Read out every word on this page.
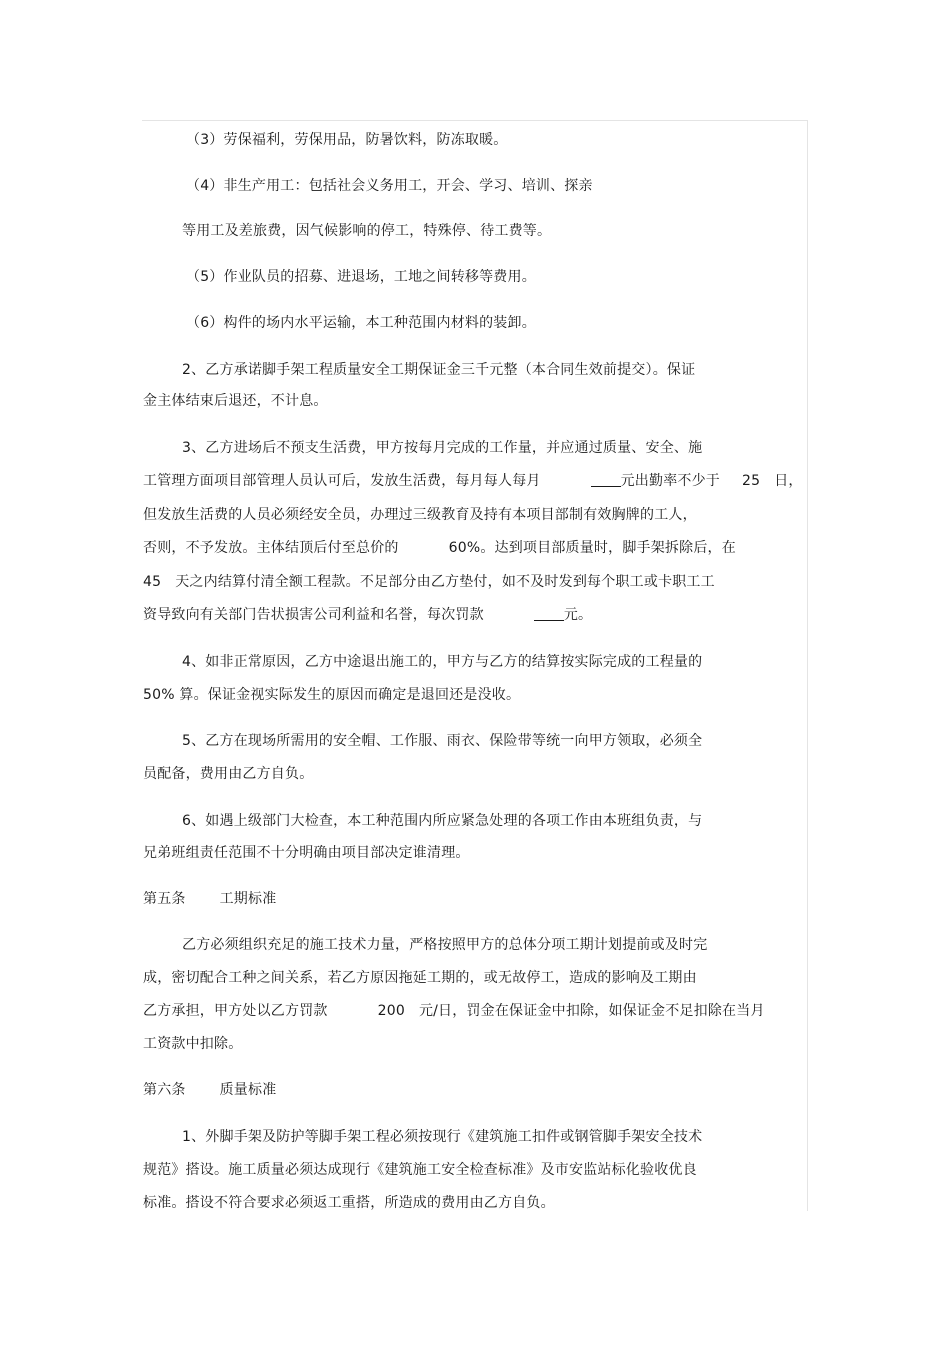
（3）劳保福利，劳保用品，防暑饮料，防冻取暖。
（4）非生产用工：包括社会义务用工，开会、学习、培训、探亲
等用工及差旅费，因气候影响的停工，特殊停、待工费等。
（5）作业队员的招募、进退场，工地之间转移等费用。
（6）构件的场内水平运输，本工种范围内材料的装卸。
2、乙方承诺脚手架工程质量安全工期保证金三千元整（本合同生效前提交）。保证
金主体结束后退还，不计息。
3、乙方进场后不预支生活费，甲方按每月完成的工作量，并应通过质量、安全、施
工管理方面项目部管理人员认可后，发放生活费，每月每人每月	元出勤率不少于 25 日，
但发放生活费的人员必须经安全员，办理过三级教育及持有本项目部制有效胸牌的工人，
否则，不予发放。主体结顶后付至总价的	60%。达到项目部质量时，脚手架拆除后，在
45 天之内结算付清全额工程款。不足部分由乙方垫付，如不及时发到每个职工或卡职工工
资导致向有关部门告状损害公司利益和名誉，每次罚款	元。
4、如非正常原因，乙方中途退出施工的，甲方与乙方的结算按实际完成的工程量的
50% 算。保证金视实际发生的原因而确定是退回还是没收。
5、乙方在现场所需用的安全帽、工作服、雨衣、保险带等统一向甲方领取，必须全
员配备，费用由乙方自负。
6、如遇上级部门大检查，本工种范围内所应紧急处理的各项工作由本班组负责，与
兄弟班组责任范围不十分明确由项目部决定谁清理。
第五条 工期标准
乙方必须组织充足的施工技术力量，严格按照甲方的总体分项工期计划提前或及时完
成，密切配合工种之间关系，若乙方原因拖延工期的，或无故停工，造成的影响及工期由
乙方承担，甲方处以乙方罚款	200 元/日，罚金在保证金中扣除，如保证金不足扣除在当月
工资款中扣除。
第六条 质量标准
1、外脚手架及防护等脚手架工程必须按现行《建筑施工扣件或钢管脚手架安全技术
规范》搭设。施工质量必须达成现行《建筑施工安全检查标准》及市安监站标化验收优良
标准。搭设不符合要求必须返工重搭，所造成的费用由乙方自负。
